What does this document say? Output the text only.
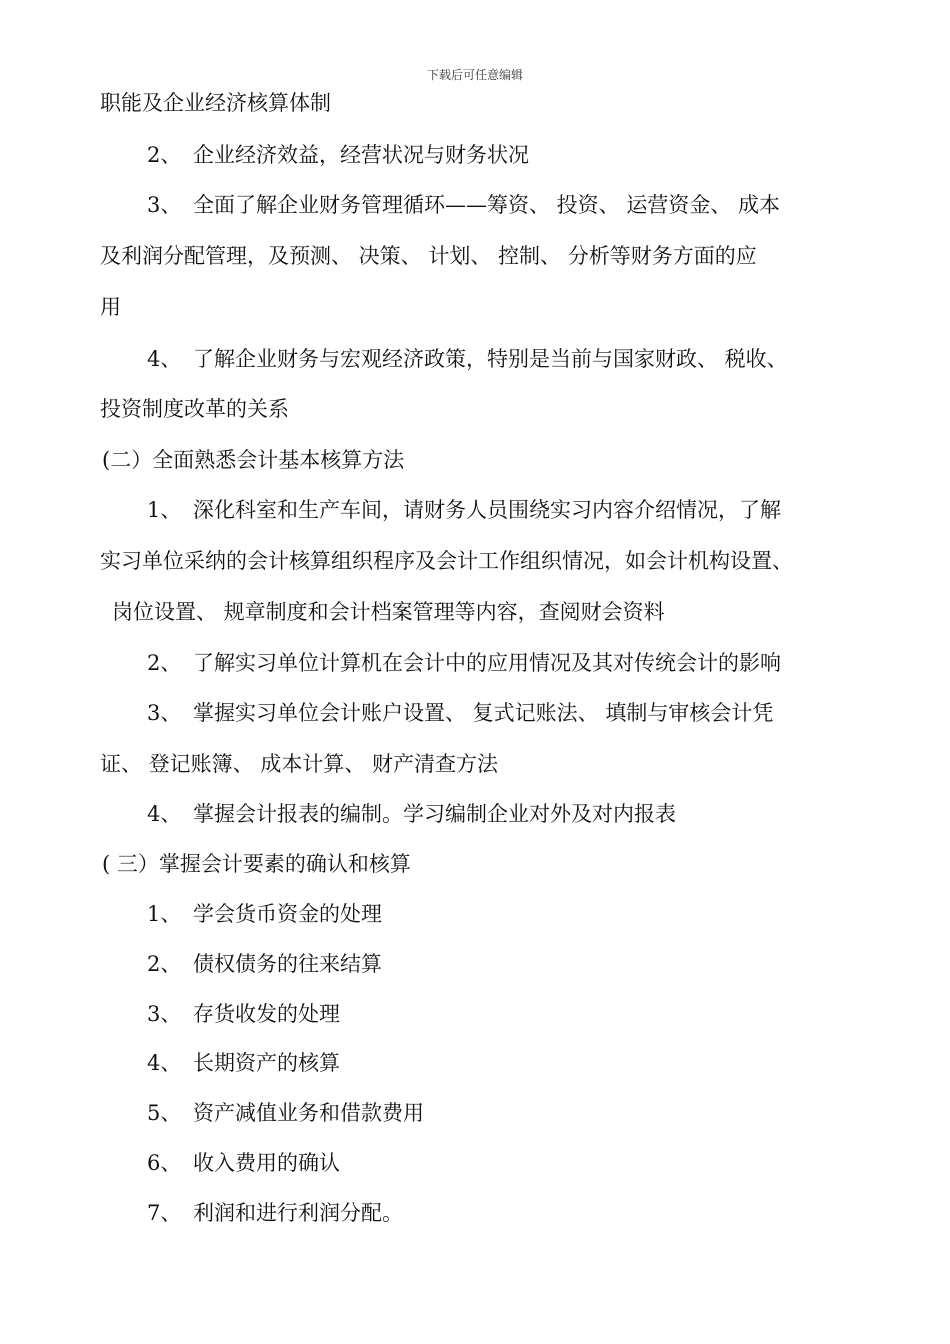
下载后可任意编辑
职能及企业经济核算体制
2、 企业经济效益，经营状况与财务状况
3、 全面了解企业财务管理循环——筹资、 投资、 运营资金、 成本
及利润分配管理，及预测、 决策、 计划、 控制、 分析等财务方面的应
用
4、 了解企业财务与宏观经济政策，特别是当前与国家财政、 税收、
投资制度改革的关系
(二）全面熟悉会计基本核算方法
1、 深化科室和生产车间，请财务人员围绕实习内容介绍情况，了解
实习单位采纳的会计核算组织程序及会计工作组织情况，如会计机构设置、
岗位设置、 规章制度和会计档案管理等内容，查阅财会资料
2、 了解实习单位计算机在会计中的应用情况及其对传统会计的影响
3、 掌握实习单位会计账户设置、 复式记账法、 填制与审核会计凭
证、 登记账簿、 成本计算、 财产清查方法
4、 掌握会计报表的编制。学习编制企业对外及对内报表
( 三）掌握会计要素的确认和核算
1、 学会货币资金的处理
2、 债权债务的往来结算
3、 存货收发的处理
4、 长期资产的核算
5、 资产减值业务和借款费用
6、 收入费用的确认
7、 利润和进行利润分配。
